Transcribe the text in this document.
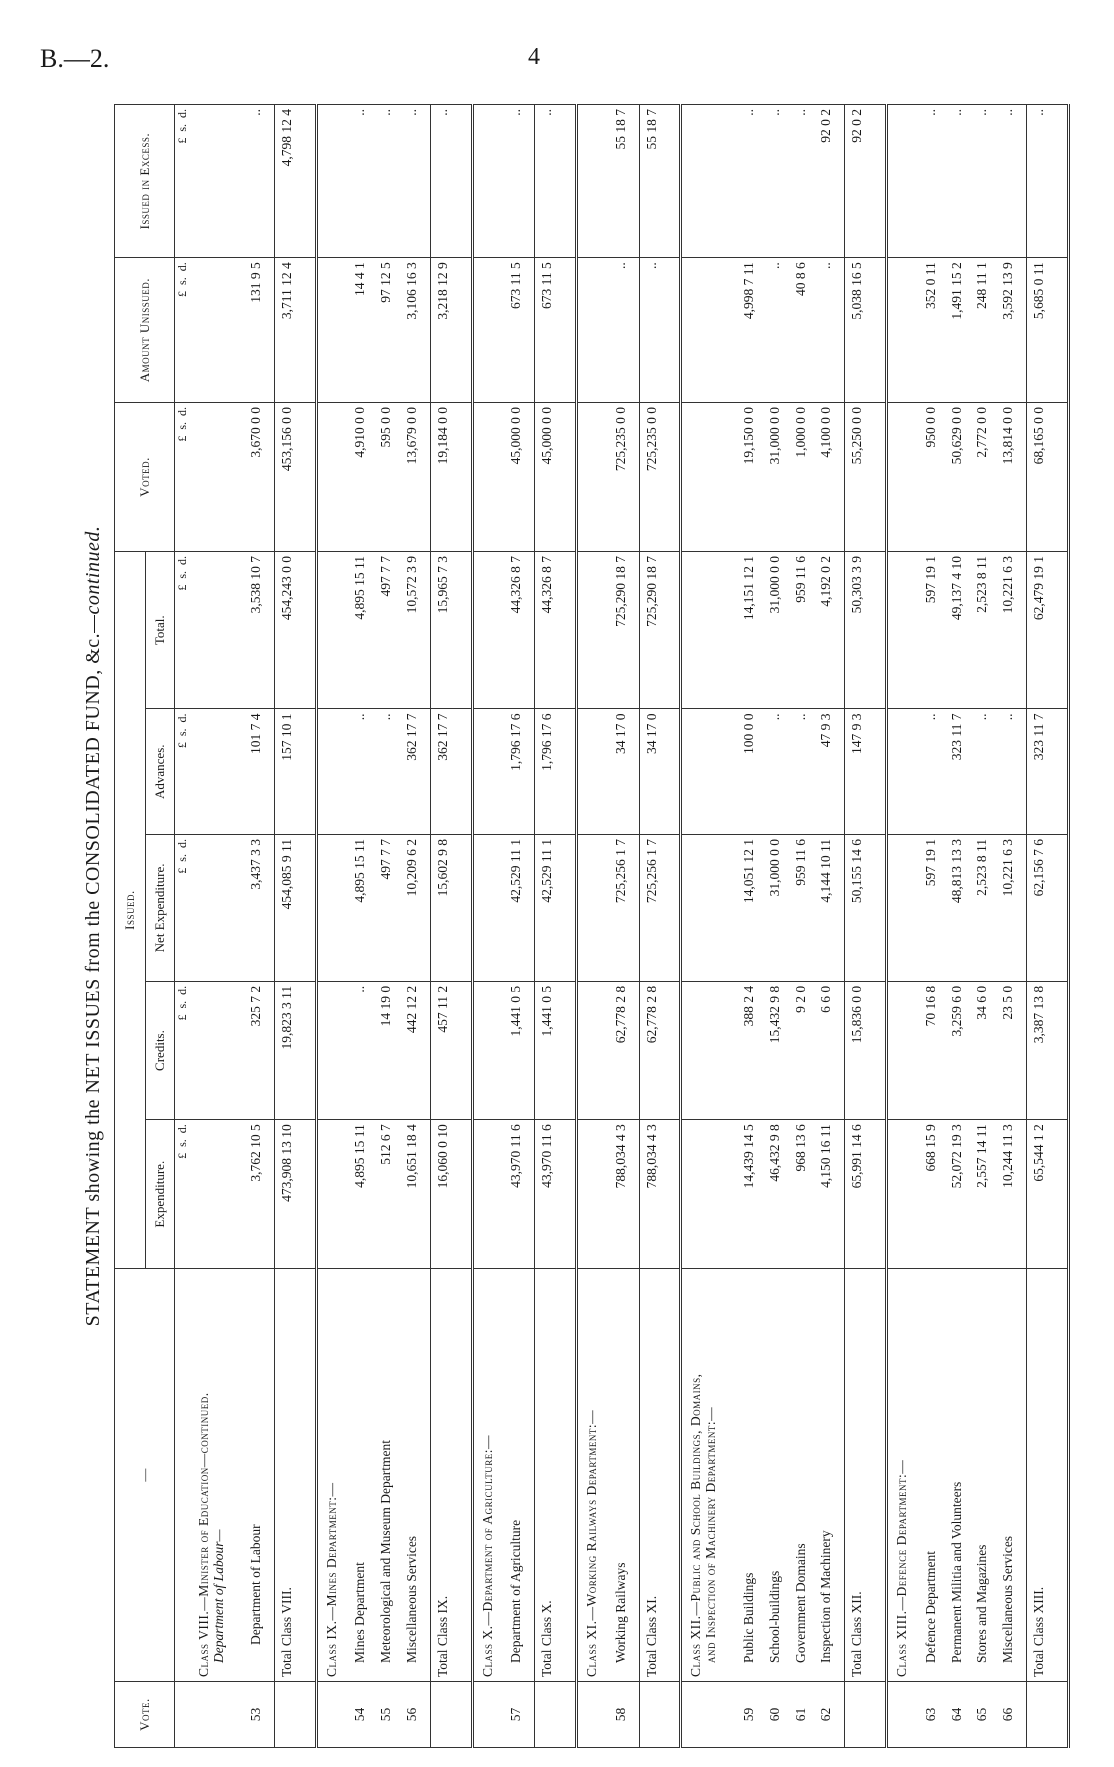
B.—2.	4
STATEMENT showing the NET ISSUES from the CONSOLIDATED FUND, &c.—continued.
Vote.	—	Issued.					Voted.	Amount Unissued.	Issued in Excess.
		Expenditure.	Credits.	Net Expenditure.	Advances.	Total.			
		£  s.  d.	£  s.  d.	£  s.  d.	£  s.  d.	£  s.  d.	£  s.  d.	£  s.  d.	£  s.  d.

	Class VIII.—Minister of Education—continued. Department of Labour—								

53	Department of Labour	3,762 10 5	325 7 2	3,437 3 3	101 7 4	3,538 10 7	3,670 0 0	131 9 5	..
	Total Class VIII.	473,908 13 10	19,823 3 11	454,085 9 11	157 10 1	454,243 0 0	453,156 0 0	3,711 12 4	4,798 12 4

	Class IX.—Mines Department:—								

54	Mines Department	4,895 15 11	..	4,895 15 11	..	4,895 15 11	4,910 0 0	14 4 1	..
55	Meteorological and Museum Department	512 6 7	14 19 0	497 7 7	..	497 7 7	595 0 0	97 12 5	..
56	Miscellaneous Services	10,651 18 4	442 12 2	10,209 6 2	362 17 7	10,572 3 9	13,679 0 0	3,106 16 3	..
	Total Class IX.	16,060 0 10	457 11 2	15,602 9 8	362 17 7	15,965 7 3	19,184 0 0	3,218 12 9	..

	Class X.—Department of Agriculture:—								

57	Department of Agriculture	43,970 11 6	1,441 0 5	42,529 11 1	1,796 17 6	44,326 8 7	45,000 0 0	673 11 5	..
	Total Class X.	43,970 11 6	1,441 0 5	42,529 11 1	1,796 17 6	44,326 8 7	45,000 0 0	673 11 5	..

	Class XI.—Working Railways Department:—								

58	Working Railways	788,034 4 3	62,778 2 8	725,256 1 7	34 17 0	725,290 18 7	725,235 0 0	..	55 18 7
	Total Class XI.	788,034 4 3	62,778 2 8	725,256 1 7	34 17 0	725,290 18 7	725,235 0 0	..	55 18 7

	Class XII.—Public and School Buildings, Domains, and Inspection of Machinery Department:—								

59	Public Buildings	14,439 14 5	388 2 4	14,051 12 1	100 0 0	14,151 12 1	19,150 0 0	4,998 7 11	..
60	School-buildings	46,432 9 8	15,432 9 8	31,000 0 0	..	31,000 0 0	31,000 0 0	..	..
61	Government Domains	968 13 6	9 2 0	959 11 6	..	959 11 6	1,000 0 0	40 8 6	..
62	Inspection of Machinery	4,150 16 11	6 6 0	4,144 10 11	47 9 3	4,192 0 2	4,100 0 0	..	92 0 2
	Total Class XII.	65,991 14 6	15,836 0 0	50,155 14 6	147 9 3	50,303 3 9	55,250 0 0	5,038 16 5	92 0 2

	Class XIII.—Defence Department:—								

63	Defence Department	668 15 9	70 16 8	597 19 1	..	597 19 1	950 0 0	352 0 11	..
64	Permanent Militia and Volunteers	52,072 19 3	3,259 6 0	48,813 13 3	323 11 7	49,137 4 10	50,629 0 0	1,491 15 2	..
65	Stores and Magazines	2,557 14 11	34 6 0	2,523 8 11	..	2,523 8 11	2,772 0 0	248 11 1	..
66	Miscellaneous Services	10,244 11 3	23 5 0	10,221 6 3	..	10,221 6 3	13,814 0 0	3,592 13 9	..
	Total Class XIII.	65,544 1 2	3,387 13 8	62,156 7 6	323 11 7	62,479 19 1	68,165 0 0	5,685 0 11	..
